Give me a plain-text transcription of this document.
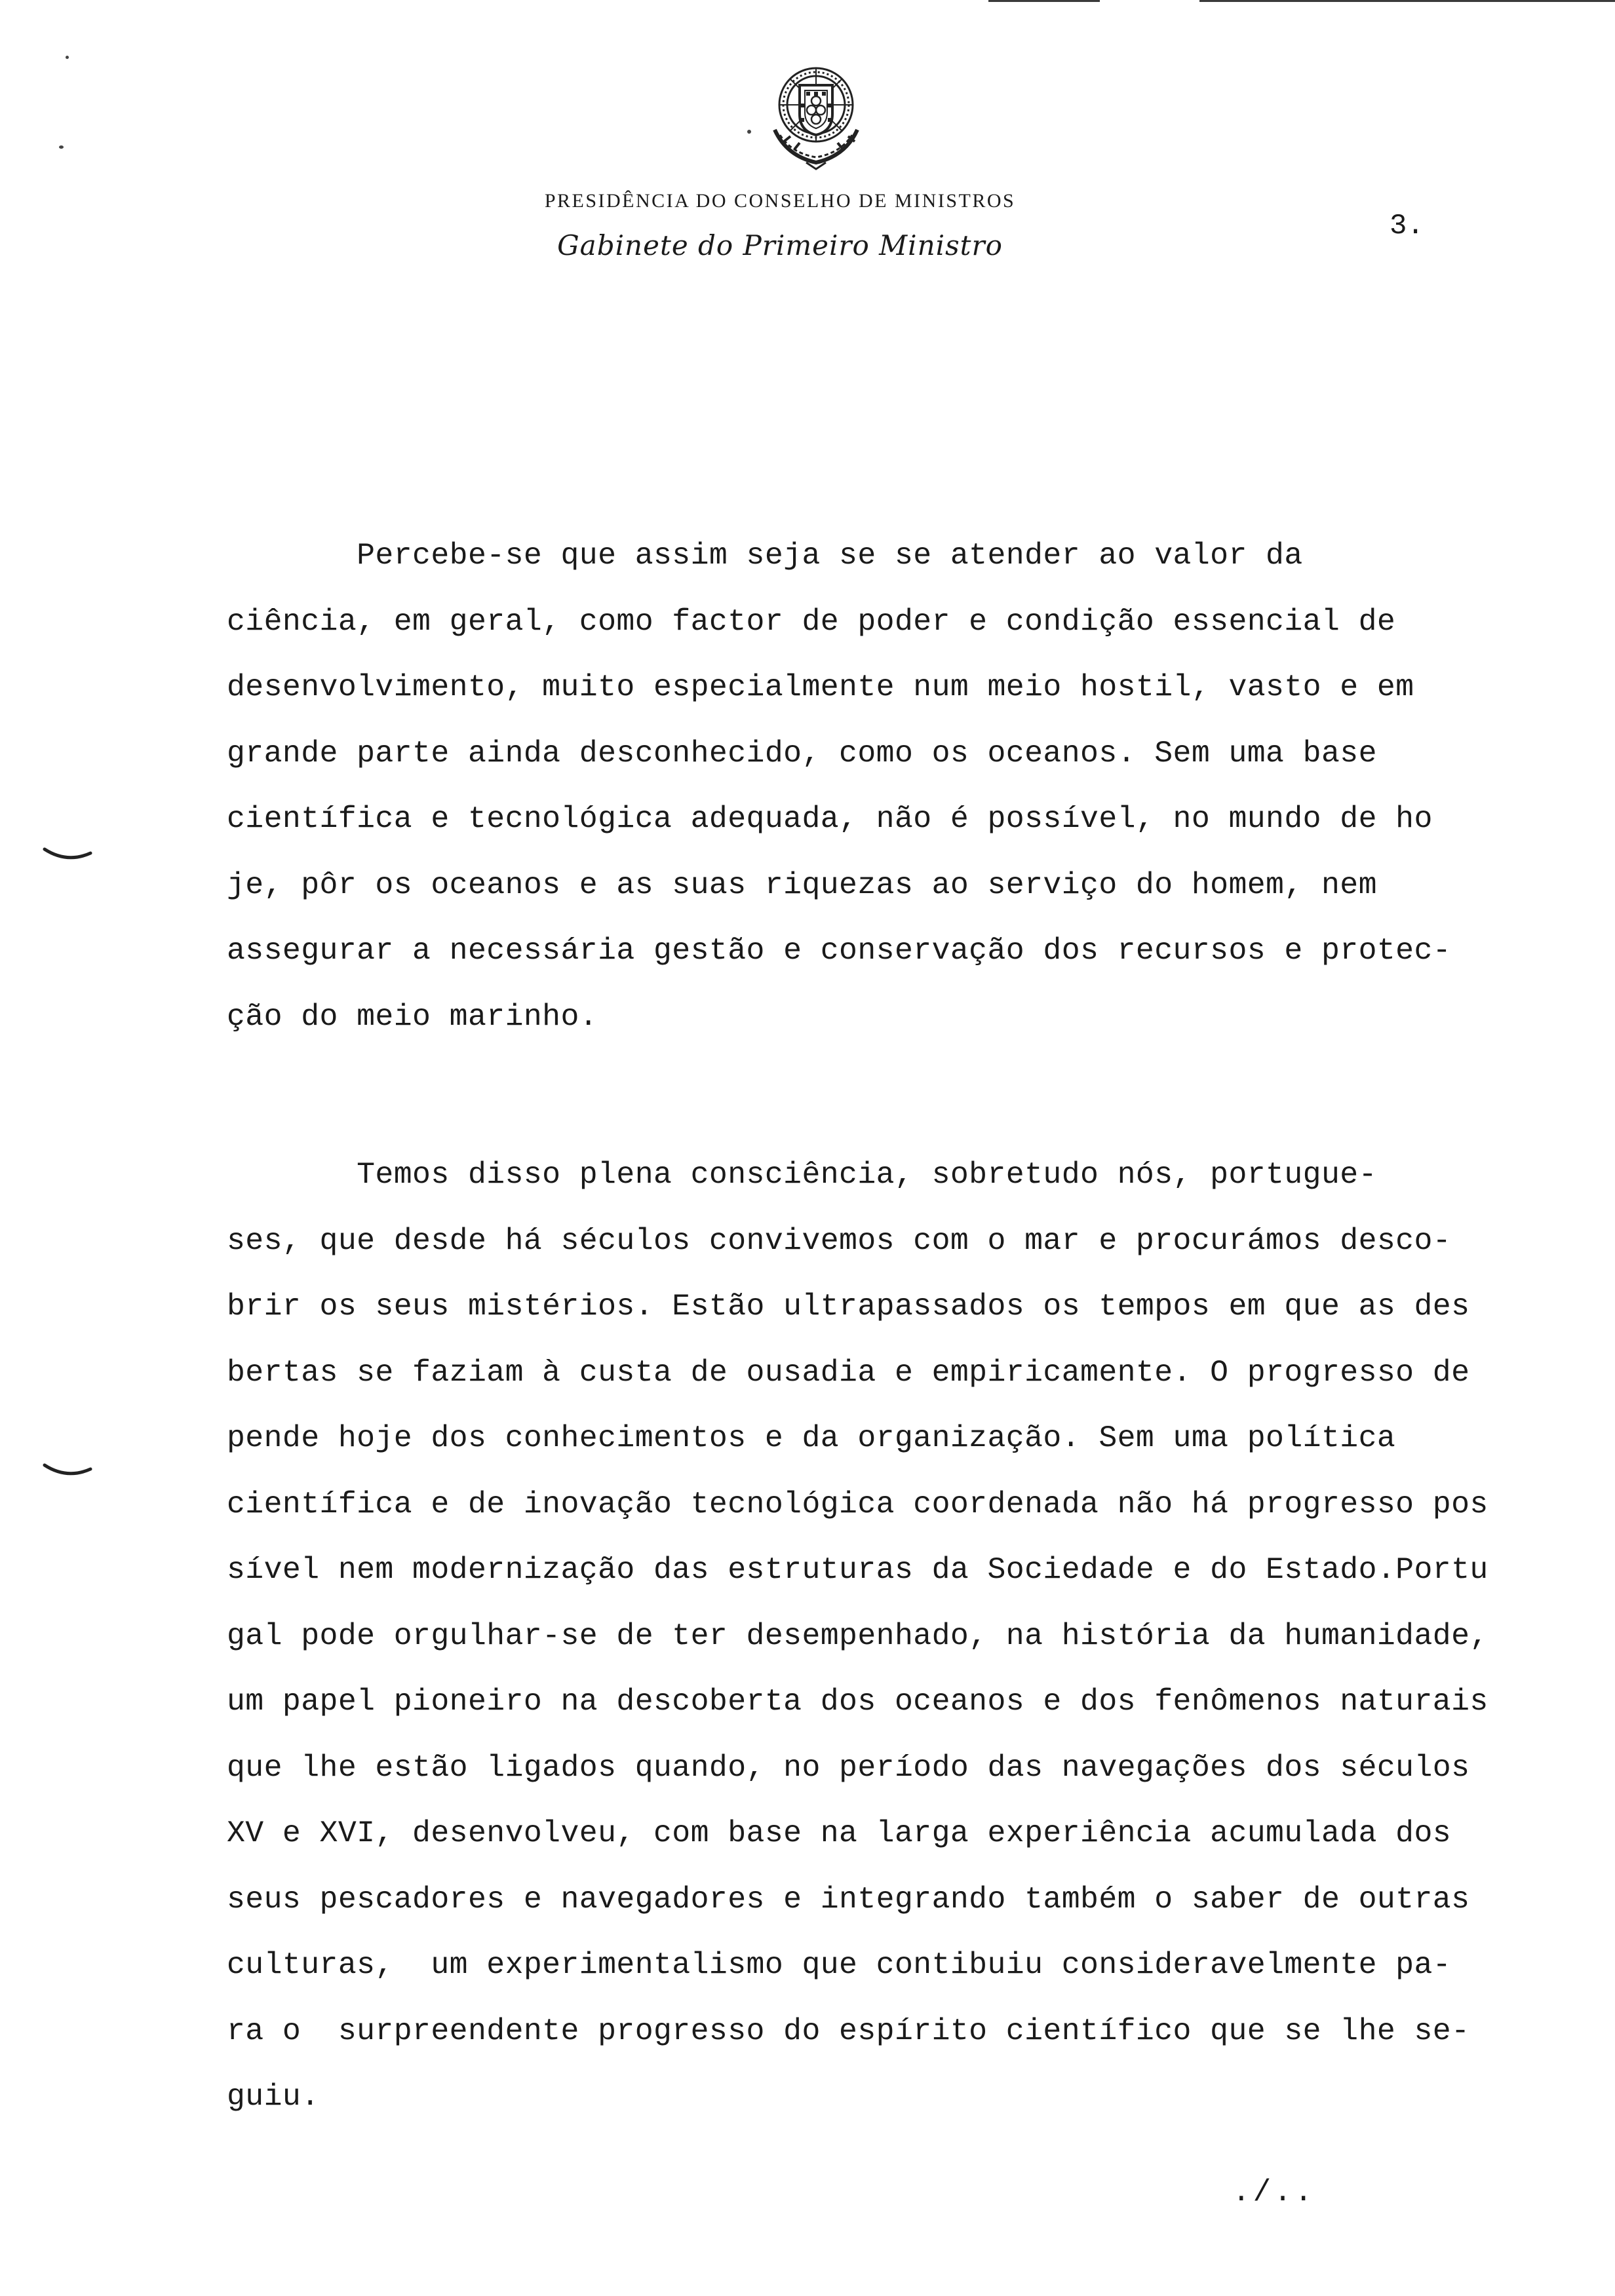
PRESIDÊNCIA DO CONSELHO DE MINISTROS
Gabinete do Primeiro Ministro
3.
Percebe-se que assim seja se se atender ao valor da
ciência, em geral, como factor de poder e condição essencial de
desenvolvimento, muito especialmente num meio hostil, vasto e em
grande parte ainda desconhecido, como os oceanos. Sem uma base
científica e tecnológica adequada, não é possível, no mundo de ho
je, pôr os oceanos e as suas riquezas ao serviço do homem, nem
assegurar a necessária gestão e conservação dos recursos e protec-
ção do meio marinho.
Temos disso plena consciência, sobretudo nós, portugue-
ses, que desde há séculos convivemos com o mar e procurámos desco-
brir os seus mistérios. Estão ultrapassados os tempos em que as des
bertas se faziam à custa de ousadia e empiricamente. O progresso de
pende hoje dos conhecimentos e da organização. Sem uma política
científica e de inovação tecnológica coordenada não há progresso pos
sível nem modernização das estruturas da Sociedade e do Estado.Portu
gal pode orgulhar-se de ter desempenhado, na história da humanidade,
um papel pioneiro na descoberta dos oceanos e dos fenômenos naturais
que lhe estão ligados quando, no período das navegações dos séculos
XV e XVI, desenvolveu, com base na larga experiência acumulada dos
seus pescadores e navegadores e integrando também o saber de outras
culturas,  um experimentalismo que contibuiu consideravelmente pa-
ra o  surpreendente progresso do espírito científico que se lhe se-
guiu.
./..
